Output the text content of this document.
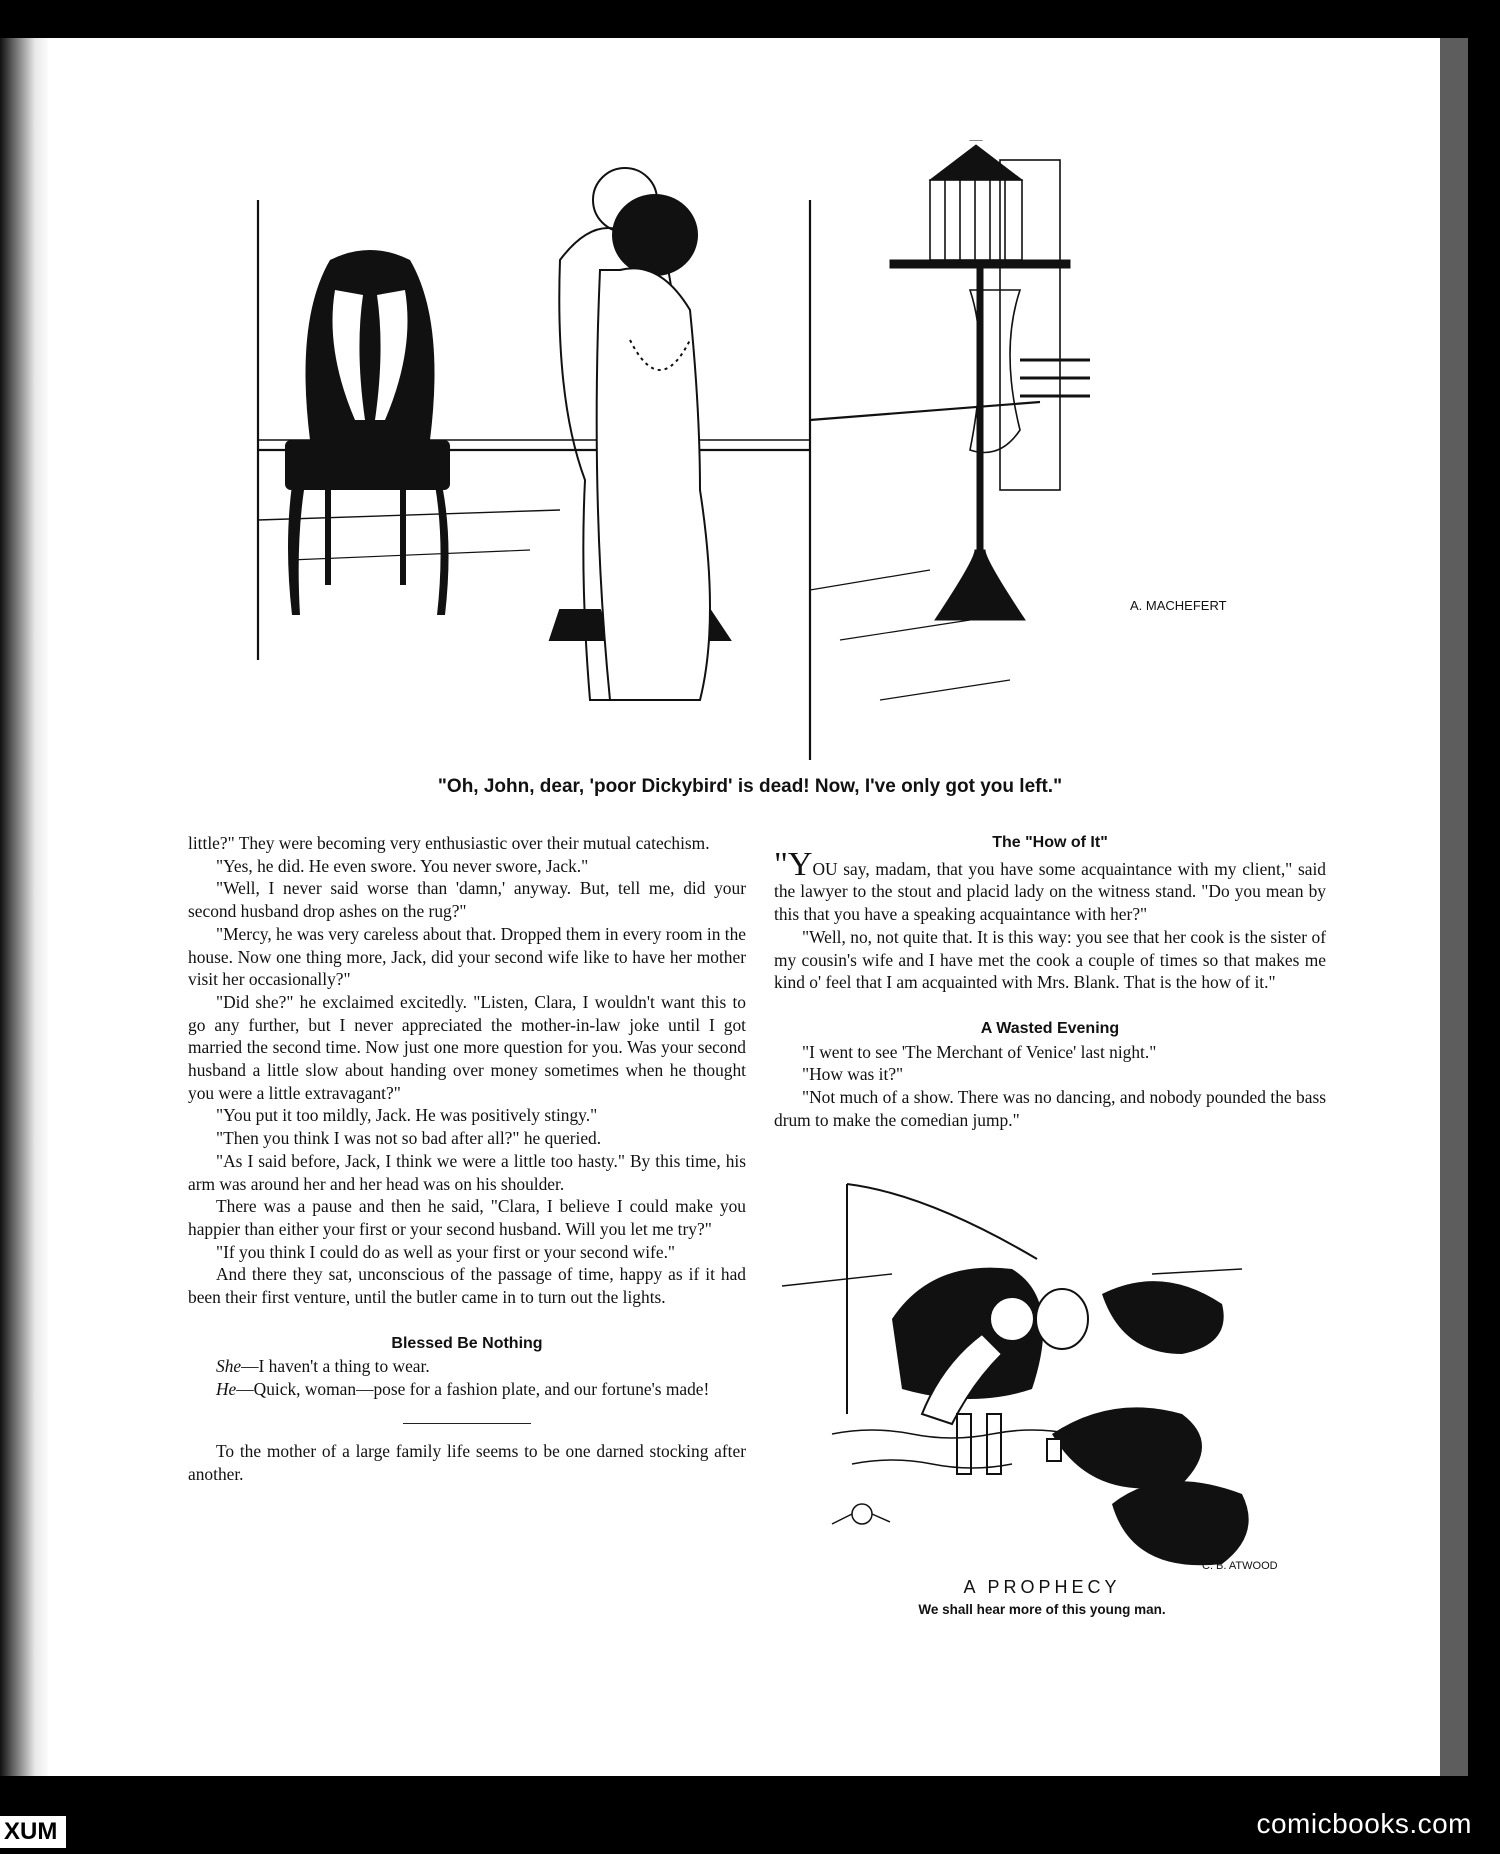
A. MACHEFERT
"Oh, John, dear, 'poor Dickybird' is dead! Now, I've only got you left."

little?" They were becoming very enthusiastic over their mutual catechism.

"Yes, he did. He even swore. You never swore, Jack."

"Well, I never said worse than 'damn,' anyway. But, tell me, did your second husband drop ashes on the rug?"

"Mercy, he was very careless about that. Dropped them in every room in the house. Now one thing more, Jack, did your second wife like to have her mother visit her occasionally?"

"Did she?" he exclaimed excitedly. "Listen, Clara, I wouldn't want this to go any further, but I never appreciated the mother-in-law joke until I got married the second time. Now just one more question for you. Was your second husband a little slow about handing over money sometimes when he thought you were a little extravagant?"

"You put it too mildly, Jack. He was positively stingy."

"Then you think I was not so bad after all?" he queried.

"As I said before, Jack, I think we were a little too hasty." By this time, his arm was around her and her head was on his shoulder.

There was a pause and then he said, "Clara, I believe I could make you happier than either your first or your second husband. Will you let me try?"

"If you think I could do as well as your first or your second wife."

And there they sat, unconscious of the passage of time, happy as if it had been their first venture, until the butler came in to turn out the lights.

Blessed Be Nothing

She—I haven't a thing to wear.

He—Quick, woman—pose for a fashion plate, and our fortune's made!

To the mother of a large family life seems to be one darned stocking after another.

The "How of It"

"YOU say, madam, that you have some acquaintance with my client," said the lawyer to the stout and placid lady on the witness stand. "Do you mean by this that you have a speaking acquaintance with her?"

"Well, no, not quite that. It is this way: you see that her cook is the sister of my cousin's wife and I have met the cook a couple of times so that makes me kind o' feel that I am acquainted with Mrs. Blank. That is the how of it."

A Wasted Evening

"I went to see 'The Merchant of Venice' last night."

"How was it?"

"Not much of a show. There was no dancing, and nobody pounded the bass drum to make the comedian jump."

C. B. ATWOOD
A PROPHECY
We shall hear more of this young man.
XUM	comicbooks.com
